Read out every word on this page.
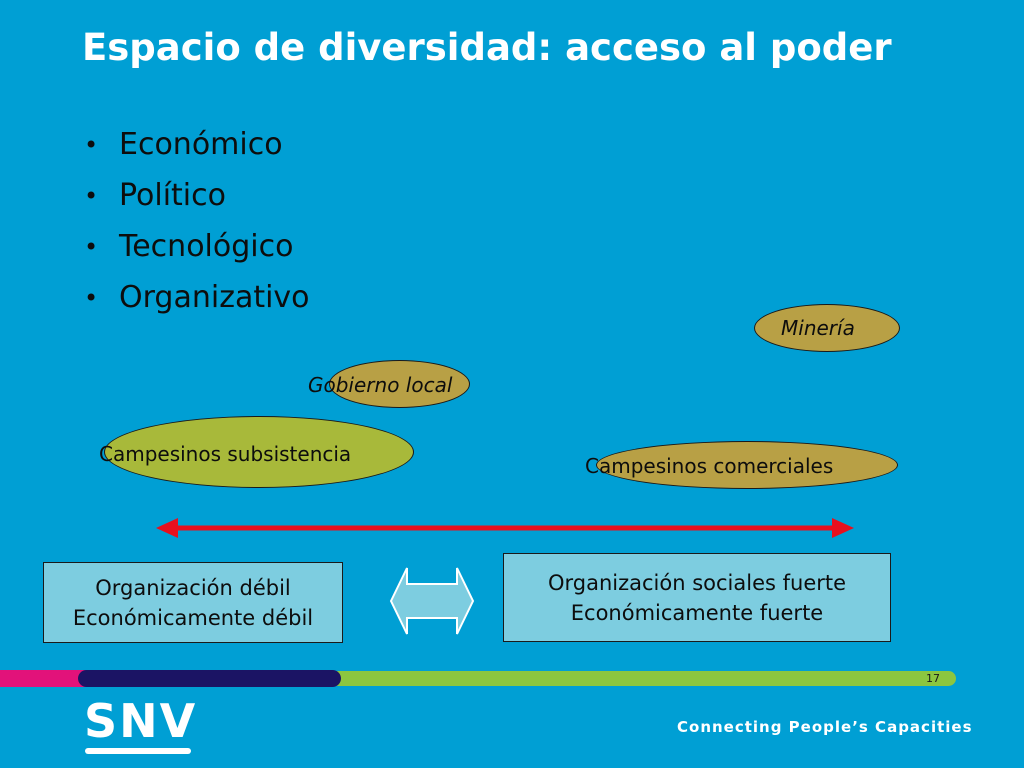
Espacio de diversidad: acceso al poder
• Económico
• Político
• Tecnológico
• Organizativo
Minería
Gobierno local
Campesinos subsistencia	Campesinos comerciales
Organización débil
Económicamente débil
Organización sociales fuerte
Económicamente fuerte
17
SNV	Connecting People’s Capacities
